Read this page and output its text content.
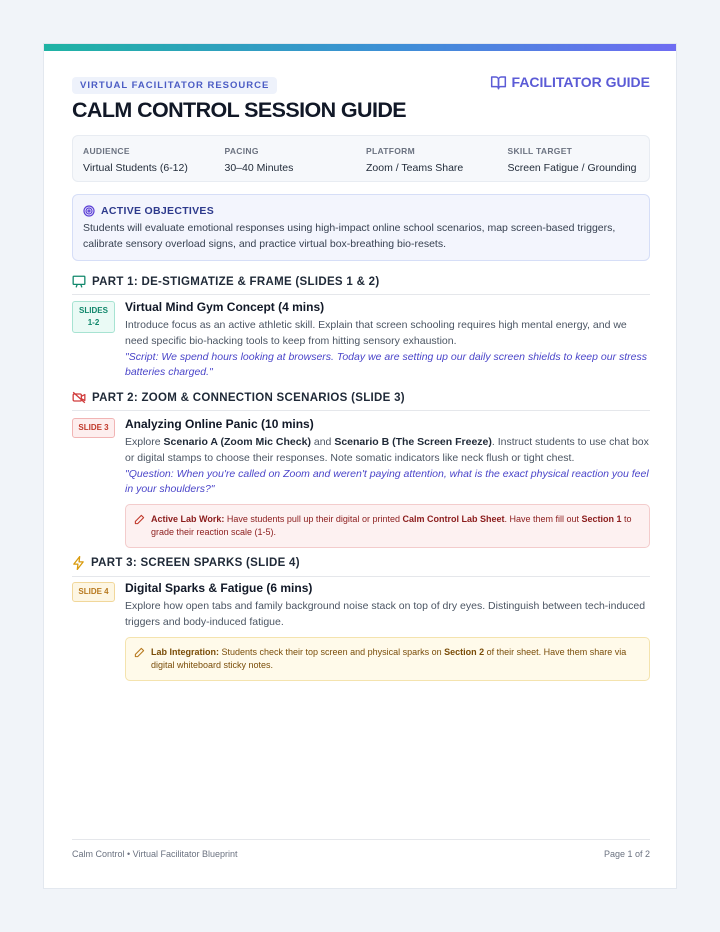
VIRTUAL FACILITATOR RESOURCE	FACILITATOR GUIDE
CALM CONTROL SESSION GUIDE
AUDIENCE
Virtual Students (6-12)
PACING
30–40 Minutes
PLATFORM
Zoom / Teams Share
SKILL TARGET
Screen Fatigue / Grounding
ACTIVE OBJECTIVES
Students will evaluate emotional responses using high-impact online school scenarios, map screen-based triggers, calibrate sensory overload signs, and practice virtual box-breathing bio-resets.
PART 1: DE-STIGMATIZE & FRAME (SLIDES 1 & 2)
SLIDES 1-2
Virtual Mind Gym Concept (4 mins)
Introduce focus as an active athletic skill. Explain that screen schooling requires high mental energy, and we need specific bio-hacking tools to keep from hitting sensory exhaustion.
"Script: We spend hours looking at browsers. Today we are setting up our daily screen shields to keep our stress batteries charged."
PART 2: ZOOM & CONNECTION SCENARIOS (SLIDE 3)
SLIDE 3	Analyzing Online Panic (10 mins)
Explore Scenario A (Zoom Mic Check) and Scenario B (The Screen Freeze). Instruct students to use chat box or digital stamps to choose their responses. Note somatic indicators like neck flush or tight chest.
"Question: When you're called on Zoom and weren't paying attention, what is the exact physical reaction you feel in your shoulders?"
Active Lab Work: Have students pull up their digital or printed Calm Control Lab Sheet. Have them fill out Section 1 to grade their reaction scale (1-5).
PART 3: SCREEN SPARKS (SLIDE 4)
SLIDE 4	Digital Sparks & Fatigue (6 mins)
Explore how open tabs and family background noise stack on top of dry eyes. Distinguish between tech-induced triggers and body-induced fatigue.
Lab Integration: Students check their top screen and physical sparks on Section 2 of their sheet. Have them share via digital whiteboard sticky notes.
Calm Control • Virtual Facilitator Blueprint	Page 1 of 2
